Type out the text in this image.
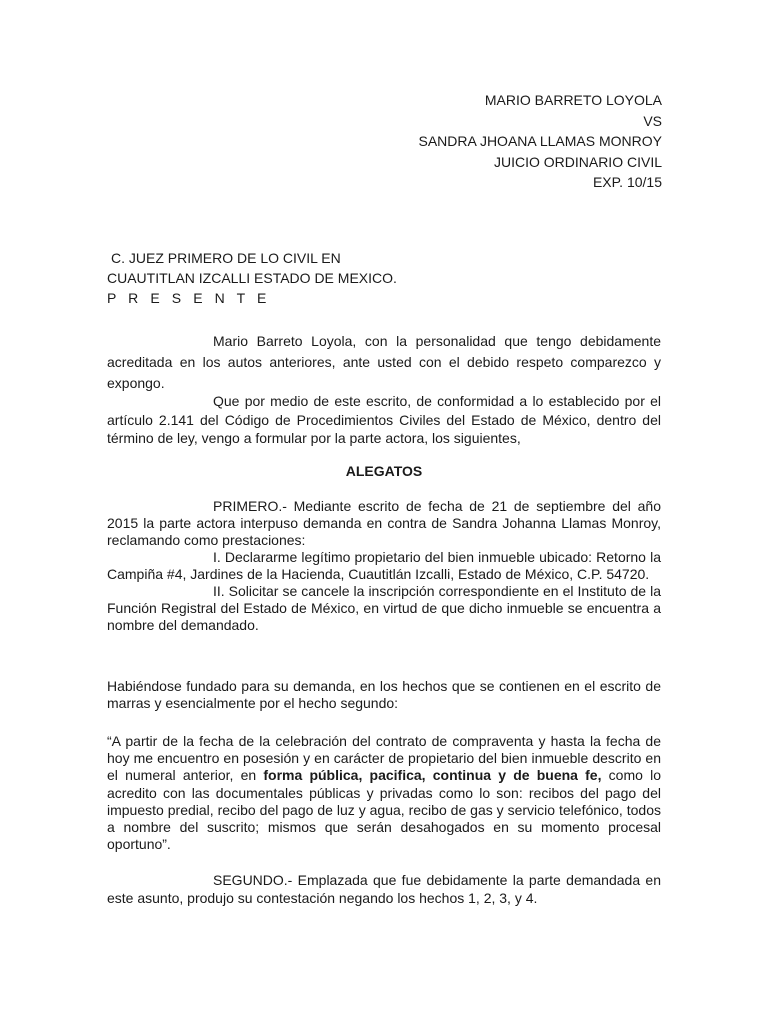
MARIO BARRETO LOYOLA
VS
SANDRA JHOANA LLAMAS MONROY
JUICIO ORDINARIO CIVIL
EXP. 10/15
C. JUEZ PRIMERO DE LO CIVIL EN
CUAUTITLAN IZCALLI ESTADO DE MEXICO.
P R E S E N T E
Mario Barreto Loyola, con la personalidad que tengo debidamente acreditada en los autos anteriores, ante usted con el debido respeto comparezco y expongo.
Que por medio de este escrito, de conformidad a lo establecido por el artículo 2.141 del Código de Procedimientos Civiles del Estado de México, dentro del término de ley, vengo a formular por la parte actora, los siguientes,
ALEGATOS
PRIMERO.- Mediante escrito de fecha de 21 de septiembre del año 2015 la parte actora interpuso demanda en contra de Sandra Johanna Llamas Monroy, reclamando como prestaciones:
I. Declararme legítimo propietario del bien inmueble ubicado: Retorno la Campiña #4, Jardines de la Hacienda, Cuautitlán Izcalli, Estado de México, C.P. 54720.
II. Solicitar se cancele la inscripción correspondiente en el Instituto de la Función Registral del Estado de México, en virtud de que dicho inmueble se encuentra a nombre del demandado.
Habiéndose fundado para su demanda, en los hechos que se contienen en el escrito de marras y esencialmente por el hecho segundo:
“A partir de la fecha de la celebración del contrato de compraventa y hasta la fecha de hoy me encuentro en posesión y en carácter de propietario del bien inmueble descrito en el numeral anterior, en forma pública, pacifica, continua y de buena fe, como lo acredito con las documentales públicas y privadas como lo son: recibos del pago del impuesto predial, recibo del pago de luz y agua, recibo de gas y servicio telefónico, todos a nombre del suscrito; mismos que serán desahogados en su momento procesal oportuno”.
SEGUNDO.- Emplazada que fue debidamente la parte demandada en este asunto, produjo su contestación negando los hechos 1, 2, 3, y 4.
